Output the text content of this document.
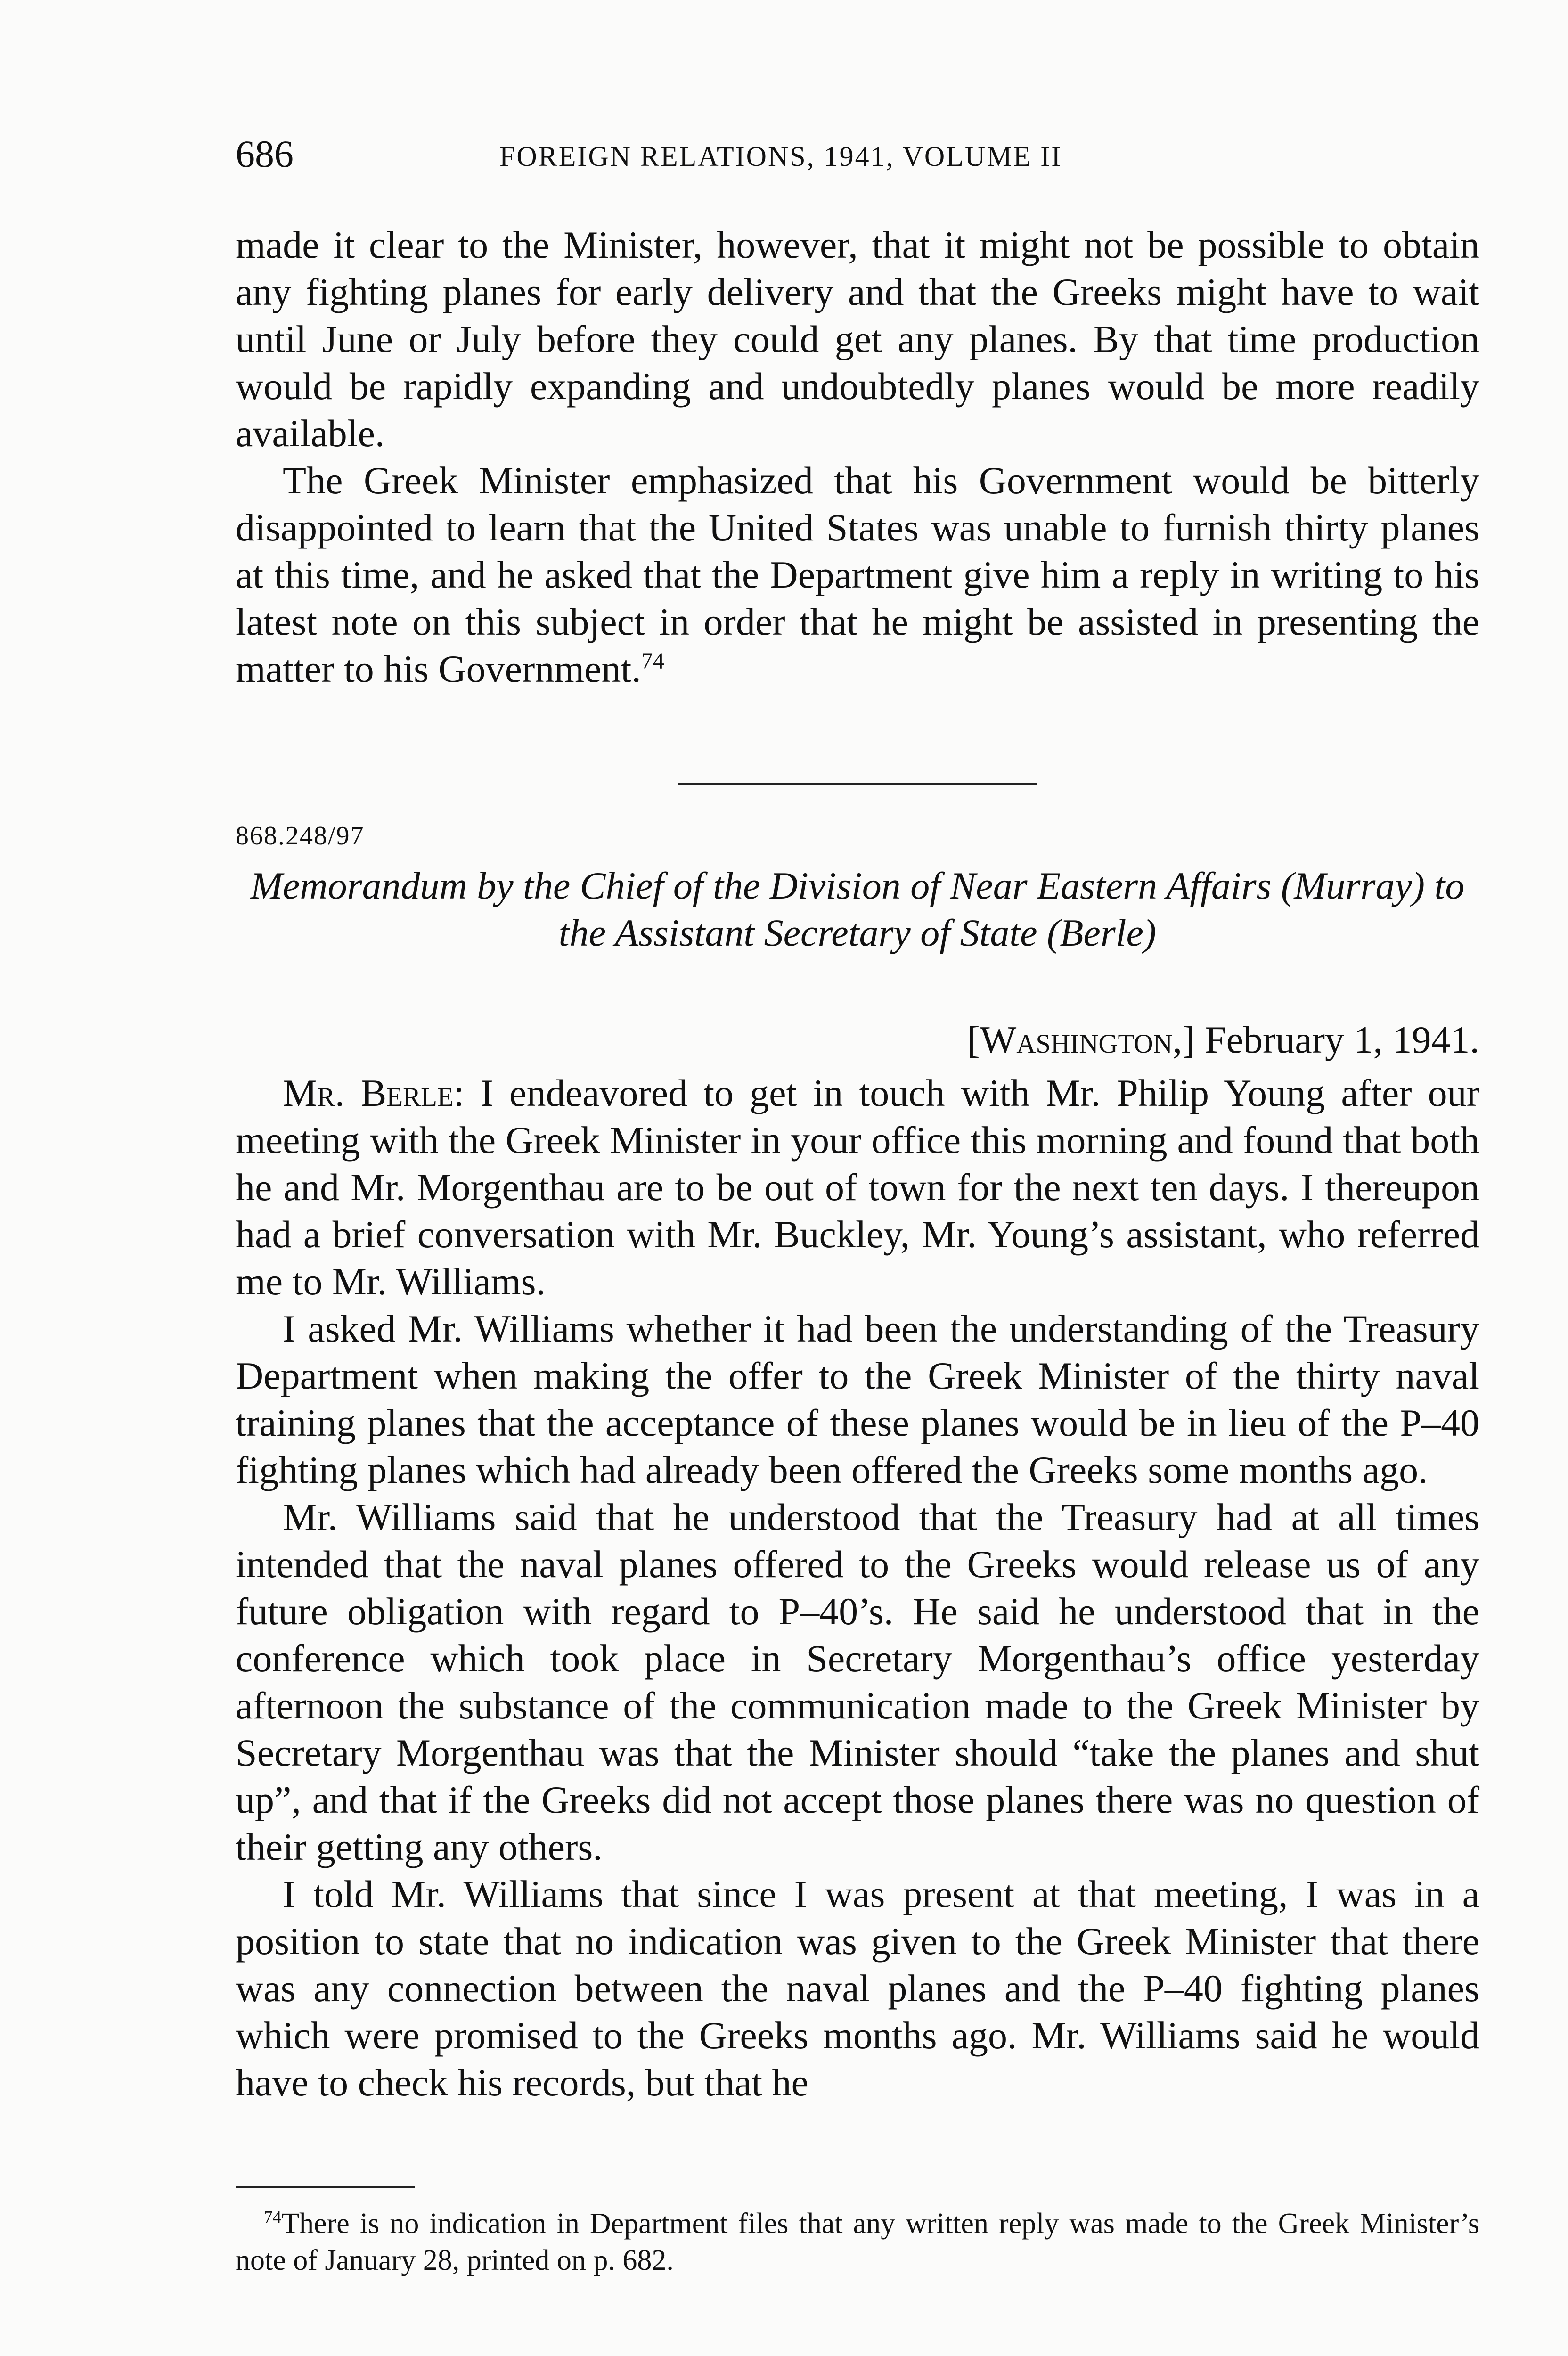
686	FOREIGN RELATIONS, 1941, VOLUME II

made it clear to the Minister, however, that it might not be possible to obtain any fighting planes for early delivery and that the Greeks might have to wait until June or July before they could get any planes. By that time production would be rapidly expanding and undoubtedly planes would be more readily available.

The Greek Minister emphasized that his Government would be bitterly disappointed to learn that the United States was unable to furnish thirty planes at this time, and he asked that the Department give him a reply in writing to his latest note on this subject in order that he might be assisted in presenting the matter to his Government.$^{74}$

868.248/97
Memorandum by the Chief of the Division of Near Eastern Affairs (Murray) to the Assistant Secretary of State (Berle)
[Washington,] February 1, 1941.

Mr. Berle: I endeavored to get in touch with Mr. Philip Young after our meeting with the Greek Minister in your office this morning and found that both he and Mr. Morgenthau are to be out of town for the next ten days. I thereupon had a brief conversation with Mr. Buckley, Mr. Young’s assistant, who referred me to Mr. Williams.

I asked Mr. Williams whether it had been the understanding of the Treasury Department when making the offer to the Greek Minister of the thirty naval training planes that the acceptance of these planes would be in lieu of the P–40 fighting planes which had already been offered the Greeks some months ago.

Mr. Williams said that he understood that the Treasury had at all times intended that the naval planes offered to the Greeks would release us of any future obligation with regard to P–40’s. He said he understood that in the conference which took place in Secretary Morgenthau’s office yesterday afternoon the substance of the communication made to the Greek Minister by Secretary Morgenthau was that the Minister should “take the planes and shut up”, and that if the Greeks did not accept those planes there was no question of their getting any others.

I told Mr. Williams that since I was present at that meeting, I was in a position to state that no indication was given to the Greek Minister that there was any connection between the naval planes and the P–40 fighting planes which were promised to the Greeks months ago. Mr. Williams said he would have to check his records, but that he

$^{74}$There is no indication in Department files that any written reply was made to the Greek Minister’s note of January 28, printed on p. 682.
